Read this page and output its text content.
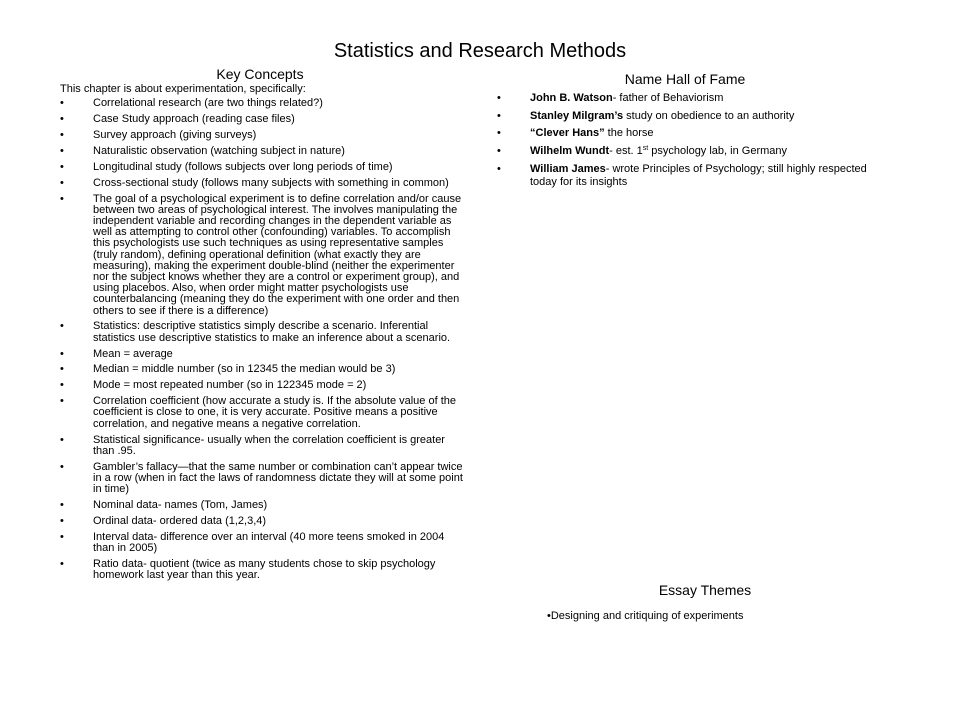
Statistics and Research Methods
Key Concepts	Name Hall of Fame
Essay Themes
This chapter is about experimentation, specifically:
•	Correlational research (are two things related?)
•	Case Study approach (reading case files)
•	Survey approach (giving surveys)
•	Naturalistic observation (watching subject in nature)
•	Longitudinal study (follows subjects over long periods of time)
•	Cross-sectional study (follows many subjects with something in common)
•	The goal of a psychological experiment is to define correlation and/or cause between two areas of psychological interest. The involves manipulating the independent variable and recording changes in the dependent variable as well as attempting to control other (confounding) variables. To accomplish this psychologists use such techniques as using representative samples (truly random), defining operational definition (what exactly they are measuring), making the experiment double-blind (neither the experimenter nor the subject knows whether they are a control or experiment group), and using placebos. Also, when order might matter psychologists use counterbalancing (meaning they do the experiment with one order and then others to see if there is a difference)
•	Statistics: descriptive statistics simply describe a scenario. Inferential statistics use descriptive statistics to make an inference about a scenario.
•	Mean = average
•	Median = middle number (so in 12345 the median would be 3)
•	Mode = most repeated number (so in 122345 mode = 2)
•	Correlation coefficient (how accurate a study is. If the absolute value of the coefficient is close to one, it is very accurate. Positive means a positive correlation, and negative means a negative correlation.
•	Statistical significance- usually when the correlation coefficient is greater than .95.
•	Gambler’s fallacy—that the same number or combination can’t appear twice in a row (when in fact the laws of randomness dictate they will at some point in time)
•	Nominal data- names (Tom, James)
•	Ordinal data- ordered data (1,2,3,4)
•	Interval data- difference over an interval (40 more teens smoked in 2004 than in 2005)
•	Ratio data- quotient (twice as many students chose to skip psychology homework last year than this year.
•	John B. Watson- father of Behaviorism
•	Stanley Milgram’s study on obedience to an authority
•	“Clever Hans” the horse
•	Wilhelm Wundt- est. 1st psychology lab, in Germany
•	William James- wrote Principles of Psychology; still highly respected today for its insights
•Designing and critiquing of experiments
